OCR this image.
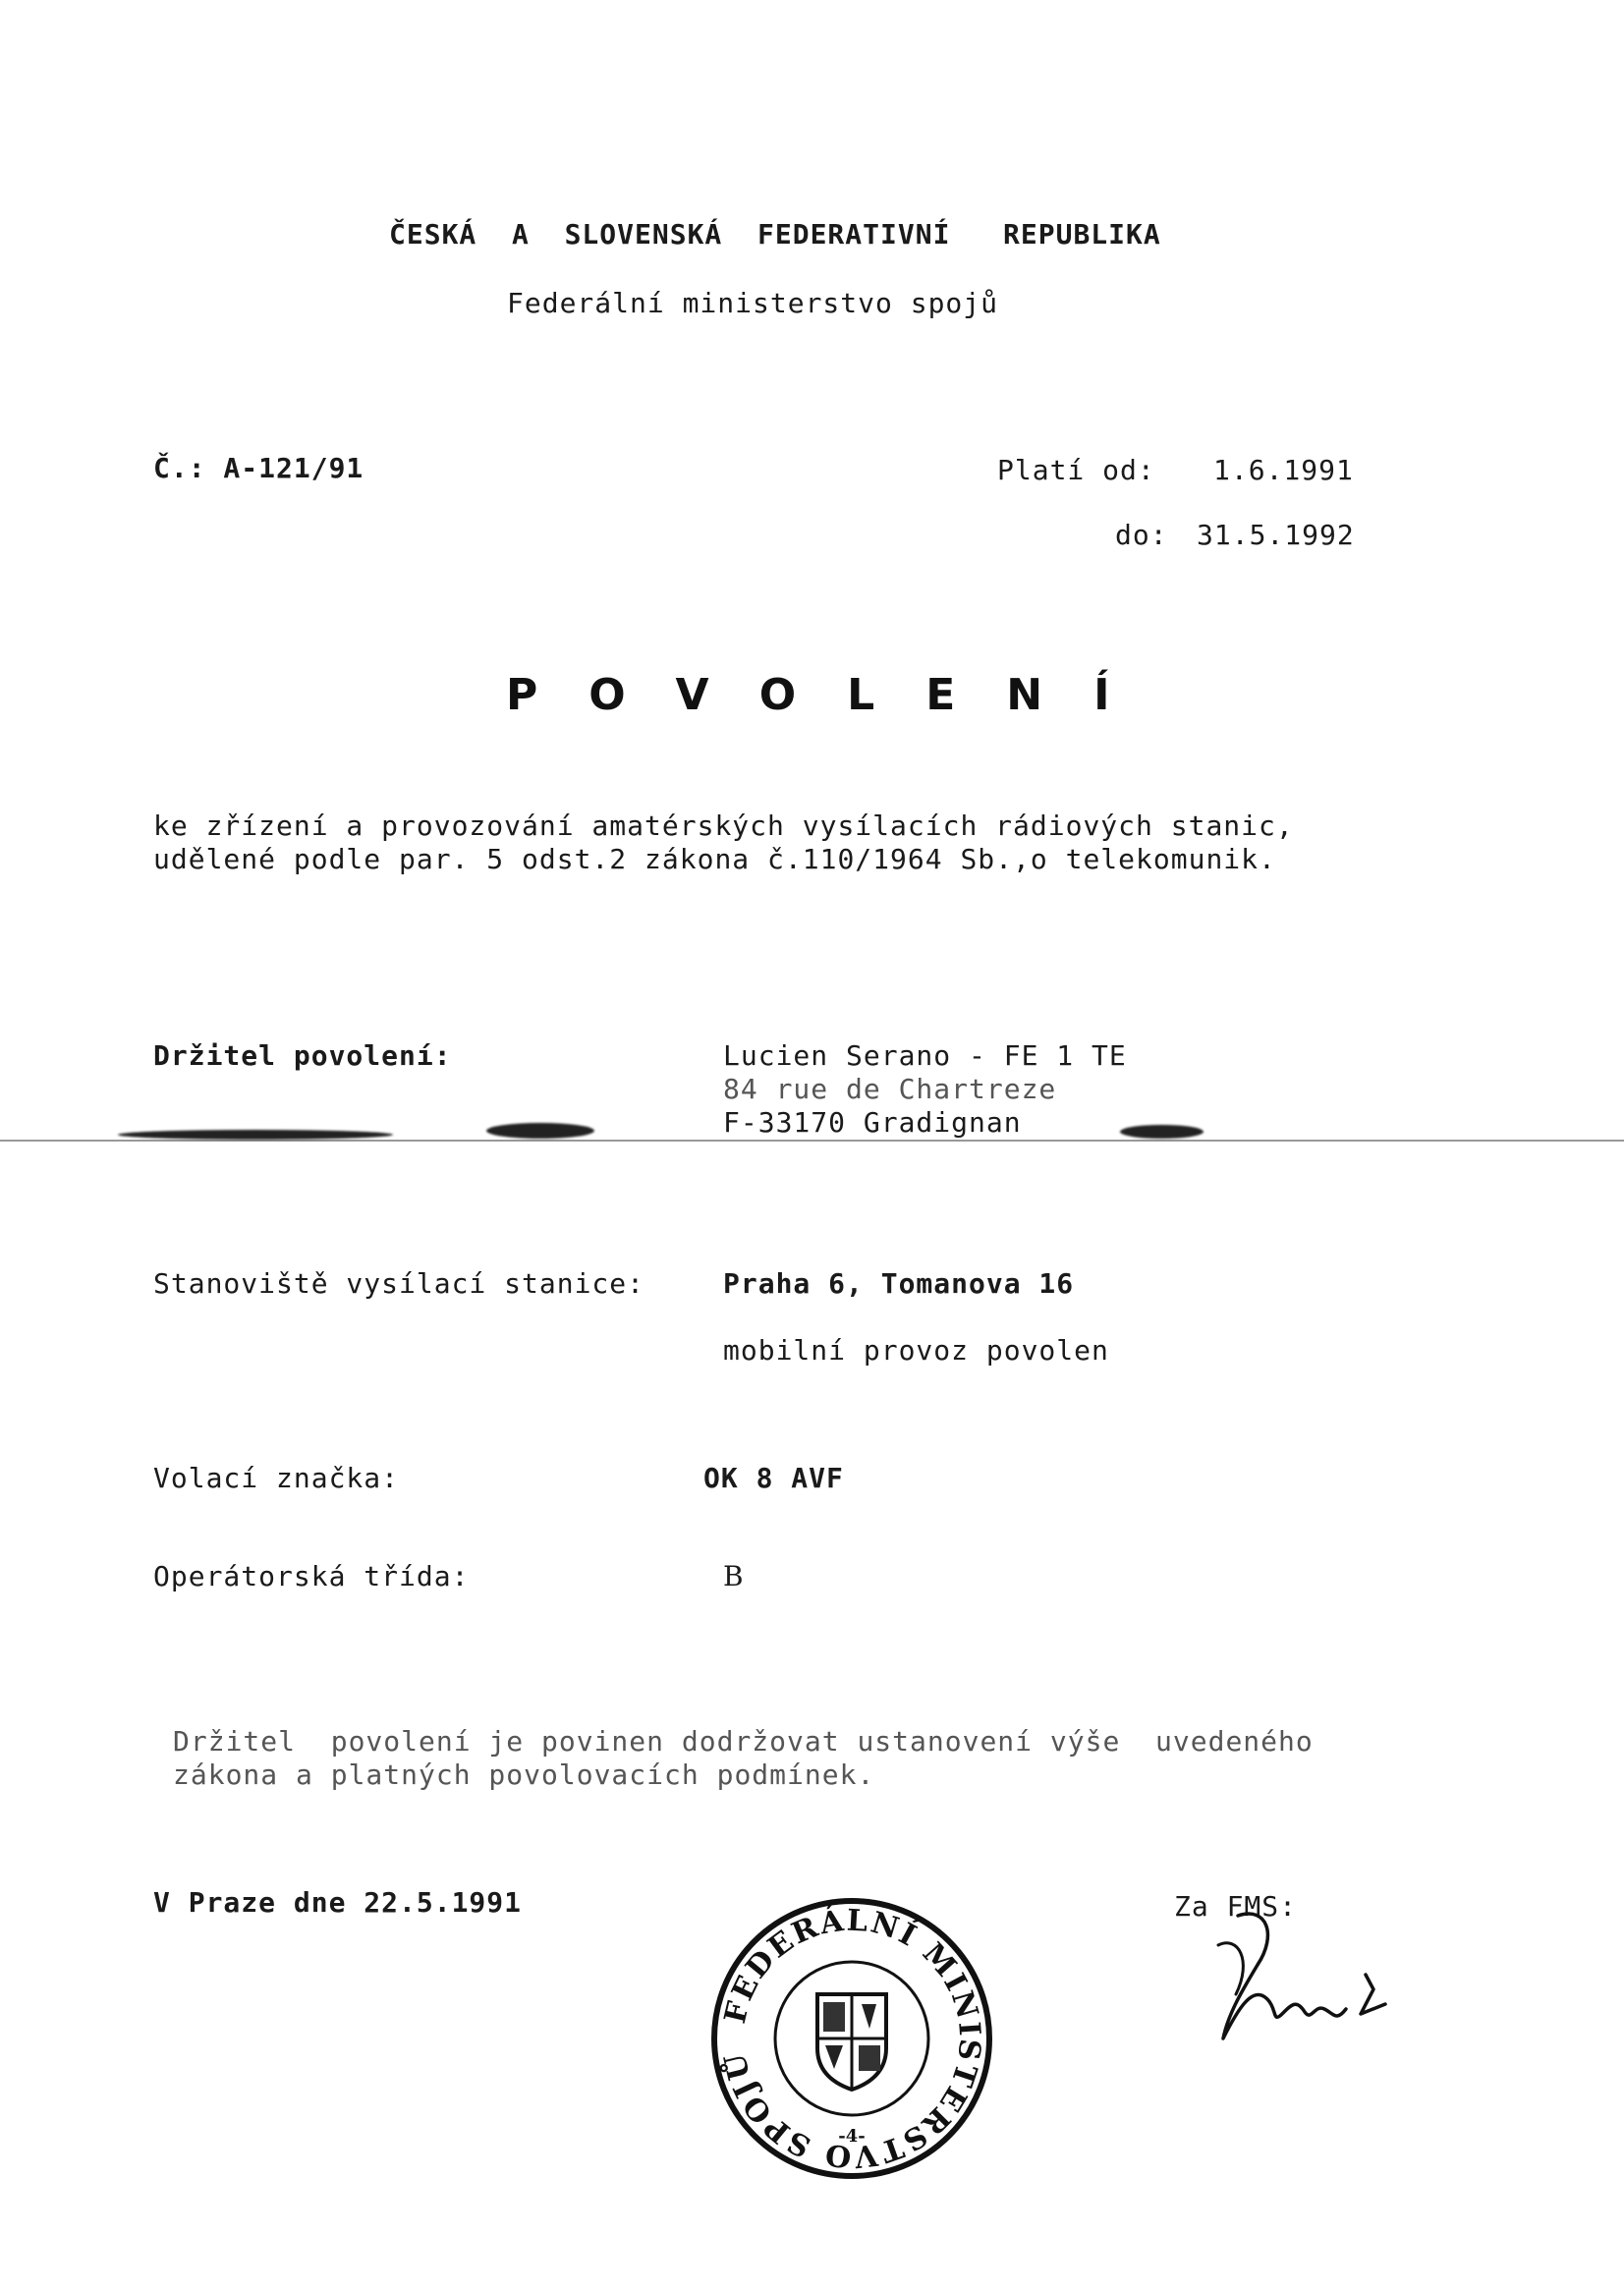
ČESKÁ  A  SLOVENSKÁ  FEDERATIVNÍ   REPUBLIKA
Federální ministerstvo spojů
Č.: A-121/91	Platí od: 1.6.1991
do: 31.5.1992
POVOLENÍ
ke zřízení a provozování amatérských vysílacích rádiových stanic,
udělené podle par. 5 odst.2 zákona č.110/1964 Sb.,o telekomunik.
Držitel povolení:	Lucien Serano - FE 1 TE
84 rue de Chartreze
F-33170 Gradignan
Stanoviště vysílací stanice:	Praha 6, Tomanova 16
mobilní provoz povolen
Volací značka:	OK 8 AVF
Operátorská třída:	B
Držitel  povolení je povinen dodržovat ustanovení výše  uvedeného
zákona a platných povolovacích podmínek.
V Praze dne 22.5.1991	Za FMS:
FEDERÁLNÍ MINISTERSTVO SPOJŮ
-4-
